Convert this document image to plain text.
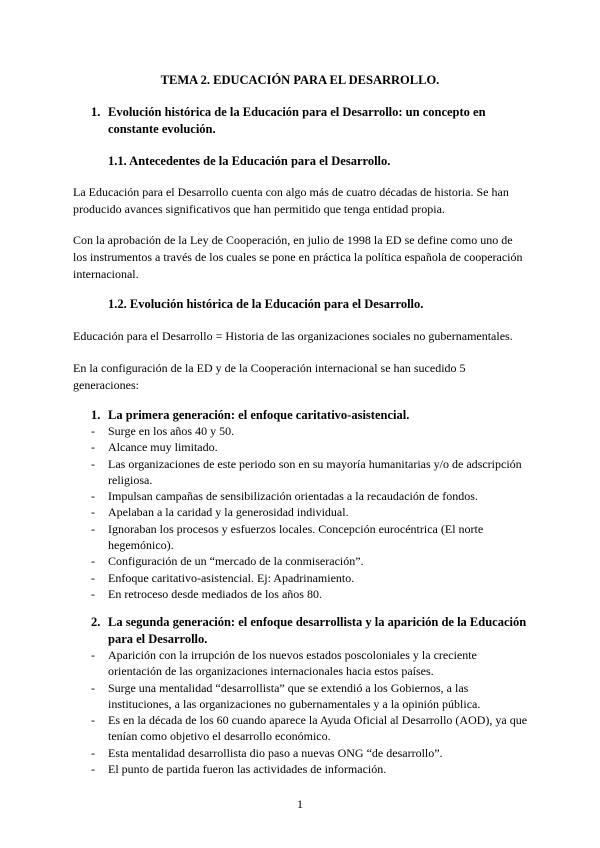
TEMA 2. EDUCACIÓN PARA EL DESARROLLO.
1. Evolución histórica de la Educación para el Desarrollo: un concepto en constante evolución.
1.1. Antecedentes de la Educación para el Desarrollo.
La Educación para el Desarrollo cuenta con algo más de cuatro décadas de historia. Se han producido avances significativos que han permitido que tenga entidad propia.
Con la aprobación de la Ley de Cooperación, en julio de 1998 la ED se define como uno de los instrumentos a través de los cuales se pone en práctica la política española de cooperación internacional.
1.2. Evolución histórica de la Educación para el Desarrollo.
Educación para el Desarrollo = Historia de las organizaciones sociales no gubernamentales.
En la configuración de la ED y de la Cooperación internacional se han sucedido 5 generaciones:
1. La primera generación: el enfoque caritativo-asistencial.
- Surge en los años 40 y 50.
- Alcance muy limitado.
- Las organizaciones de este periodo son en su mayoría humanitarias y/o de adscripción religiosa.
- Impulsan campañas de sensibilización orientadas a la recaudación de fondos.
- Apelaban a la caridad y la generosidad individual.
- Ignoraban los procesos y esfuerzos locales. Concepción eurocéntrica (El norte hegemónico).
- Configuración de un “mercado de la conmiseración”.
- Enfoque caritativo-asistencial. Ej: Apadrinamiento.
- En retroceso desde mediados de los años 80.
2. La segunda generación: el enfoque desarrollista y la aparición de la Educación para el Desarrollo.
- Aparición con la irrupción de los nuevos estados poscoloniales y la creciente orientación de las organizaciones internacionales hacia estos países.
- Surge una mentalidad “desarrollista” que se extendió a los Gobiernos, a las instituciones, a las organizaciones no gubernamentales y a la opinión pública.
- Es en la década de los 60 cuando aparece la Ayuda Oficial al Desarrollo (AOD), ya que tenían como objetivo el desarrollo económico.
- Esta mentalidad desarrollista dio paso a nuevas ONG “de desarrollo”.
- El punto de partida fueron las actividades de información.
1
